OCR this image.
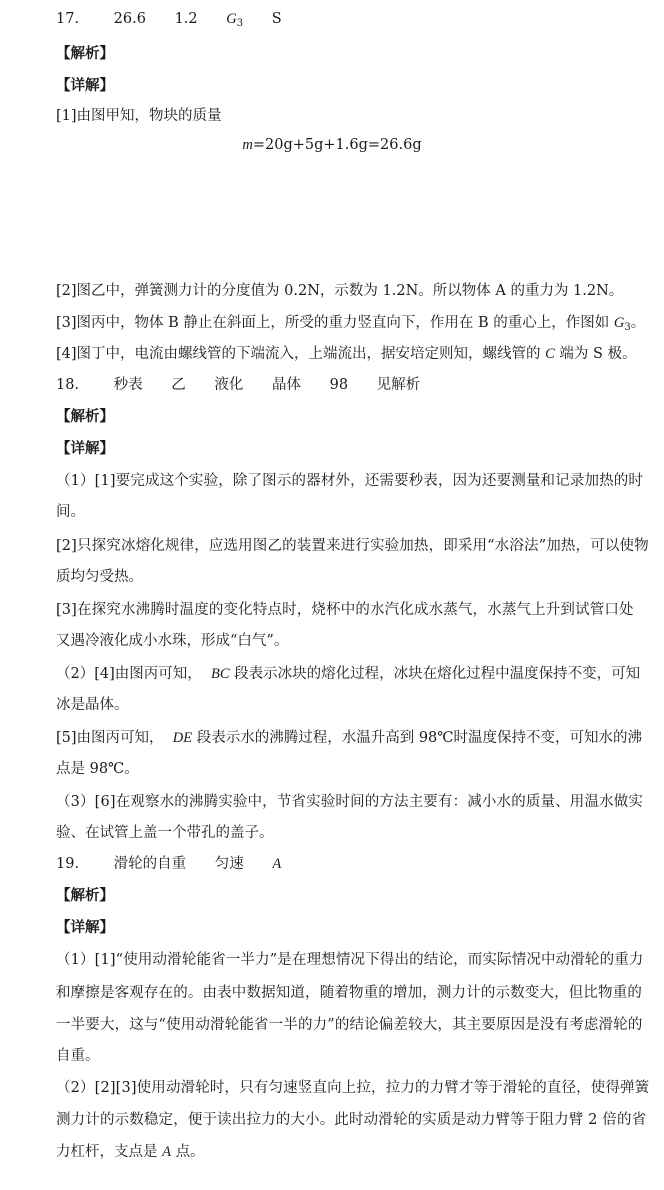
17. 26.6 1.2 $G_3$ S
【解析】
【详解】
[1]由图甲知，物块的质量
m=20g+5g+1.6g=26.6g
[2]图乙中，弹簧测力计的分度值为 0.2N，示数为 1.2N。所以物体 A 的重力为 1.2N。
[3]图丙中，物体 B 静止在斜面上，所受的重力竖直向下，作用在 B 的重心上，作图如 $G_3$。
[4]图丁中，电流由螺线管的下端流入，上端流出，据安培定则知，螺线管的 C 端为 S 极。
18. 秒表 乙 液化 晶体 98 见解析
【解析】
【详解】
（1）[1]要完成这个实验，除了图示的器材外，还需要秒表，因为还要测量和记录加热的时
间。
[2]只探究冰熔化规律，应选用图乙的装置来进行实验加热，即采用“水浴法”加热，可以使物
质均匀受热。
[3]在探究水沸腾时温度的变化特点时，烧杯中的水汽化成水蒸气，水蒸气上升到试管口处
又遇冷液化成小水珠，形成“白气”。
（2）[4]由图丙可知， BC 段表示冰块的熔化过程，冰块在熔化过程中温度保持不变，可知
冰是晶体。
[5]由图丙可知， DE 段表示水的沸腾过程，水温升高到 98℃时温度保持不变，可知水的沸
点是 98℃。
（3）[6]在观察水的沸腾实验中，节省实验时间的方法主要有：减小水的质量、用温水做实
验、在试管上盖一个带孔的盖子。
19. 滑轮的自重 匀速 A
【解析】
【详解】
（1）[1]“使用动滑轮能省一半力”是在理想情况下得出的结论，而实际情况中动滑轮的重力
和摩擦是客观存在的。由表中数据知道，随着物重的增加，测力计的示数变大，但比物重的
一半要大，这与“使用动滑轮能省一半的力”的结论偏差较大，其主要原因是没有考虑滑轮的
自重。
（2）[2][3]使用动滑轮时，只有匀速竖直向上拉，拉力的力臂才等于滑轮的直径，使得弹簧
测力计的示数稳定，便于读出拉力的大小。此时动滑轮的实质是动力臂等于阻力臂 2 倍的省
力杠杆，支点是 A 点。
